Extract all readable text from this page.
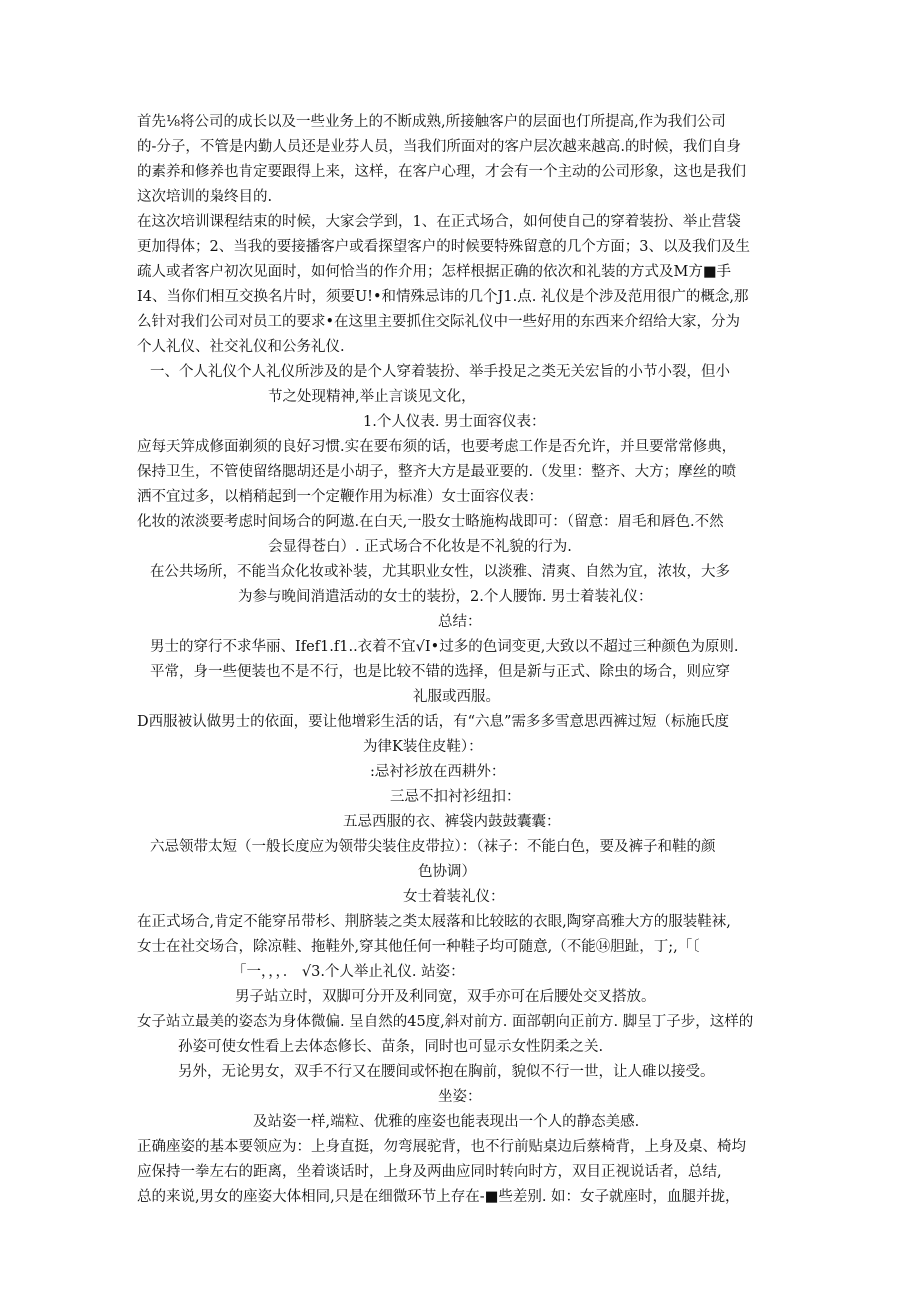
首先⅛将公司的成长以及一些业务上的不断成熟,所接触客户的层面也仃所提高,作为我们公司
的-分子，不管是内勤人员还是业芬人员，当我们所面对的客户层次越来越高.的时候，我们自身
的素养和修养也肯定要跟得上来，这样，在客户心理，才会有一个主动的公司形象，这也是我们
这次培训的枭终目的.
在这次培训课程结束的时候，大家会学到，1、在正式场合，如何使自己的穿着装扮、举止营袋
更加得体；2、当我的要接播客户或看探望客户的时候要特殊留意的几个方面；3、以及我们及生
疏人或者客户初次见面时，如何恰当的作介用；怎样根据正确的依次和礼装的方式及M方■手
I4、当你们相互交换名片时，须要U!•和情殊忌讳的几个J1.点. 礼仪是个涉及范用很广的概念,那
么针对我们公司对员工的要求•在这里主要抓住交际礼仪中一些好用的东西来介绍给大家，分为
个人礼仪、社交礼仪和公务礼仪.
一、个人礼仪个人礼仪所涉及的是个人穿着装扮、举手投足之类无关宏旨的小节小裂，但小
节之处现精神,举止言谈见文化，
1.个人仪表. 男士面容仪表：
应每天笄成修面剃须的良好习惯.实在要布须的话，也要考虑工作是否允许，并旦要常常修典，
保持卫生，不管使留络腮胡还是小胡子，整齐大方是最亚要的.（发里：整齐、大方；摩丝的喷
洒不宜过多，以梢稍起到一个定鞭作用为标准）女士面容仪表：
化妆的浓淡要考虑时间场合的阿遨.在白天,一股女士略施构战即可：（留意：眉毛和唇色.不然
会显得苍白）. 正式场合不化妆是不礼貌的行为.
在公共场所，不能当众化妆或补装，尤其职业女性，以淡雅、清爽、自然为宜，浓妆，大多
为参与晚间消遣活动的女士的装扮，2.个人腰饰. 男士着装礼仪：
总结：
男士的穿行不求华丽、Ifef1.f1..衣着不宜√I•过多的色词变更,大致以不超过三种颜色为原则.
平常，身一些便装也不是不行，也是比较不错的选择，但是新与正式、除虫的场合，则应穿
礼服或西服。
D西服被认做男士的依面，要让他增彩生活的话，有“六息”需多多雪意思西裤过短（标施氏度
为律K装住皮鞋）：
:忌衬衫放在西耕外：
三忌不扣衬衫纽扣：
五忌西服的衣、裤袋内鼓鼓囊囊：
六忌领带太短（一般长度应为领带尖装住皮带拉）：（袜子：不能白色，要及裤子和鞋的颜
色协调）
女士着装礼仪：
在正式场合,肯定不能穿吊带杉、荆脐装之类太屐落和比较眩的衣眼,陶穿高雅大方的服装鞋袜,
女士在社交场合，除凉鞋、拖鞋外,穿其他任何一种鞋子均可随意,（不能⑭胆趾，丁;,「〔
「一，，，． √3.个人举止礼仪. 站姿：
男子站立时，双脚可分开及利同宽，双手亦可在后腰处交叉搭放。
女子站立最美的姿态为身体微偏. 呈自然的45度,斜对前方. 面部朝向正前方. 脚呈丁子步，这样的
孙姿可使女性看上去体态修长、苗条，同时也可显示女性阴柔之关.
另外，无论男女，双手不行又在腰间或怀抱在胸前，貌似不行一世，让人碓以接受。
坐姿：
及站姿一样,端粒、优雅的座姿也能表现出一个人的静态美感.
正确座姿的基本要领应为：上身直挺，勿弯展驼背，也不行前贴桌边后蔡椅背，上身及桌、椅均
应保持一拳左右的距离，坐着谈话时，上身及两曲应同时转向时方，双目正视说话者，总结,
总的来说,男女的座姿大体相同,只是在细微环节上存在-■些差别. 如：女子就座时，血腿并拢，
